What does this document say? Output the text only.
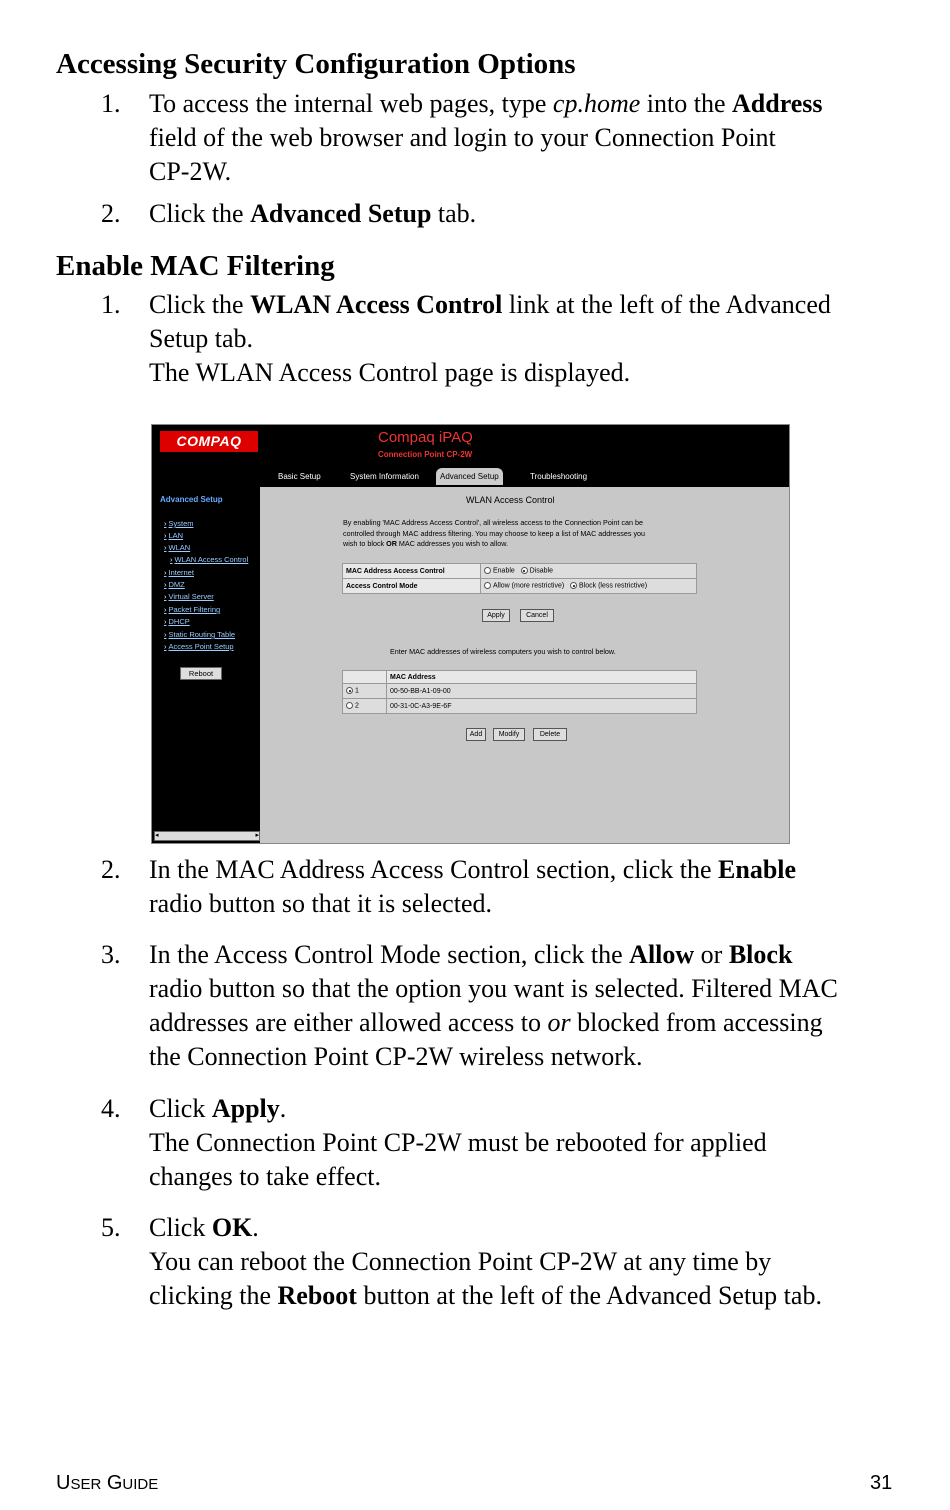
Accessing Security Configuration Options
1. To access the internal web pages, type cp.home into the Address

field of the web browser and login to your Connection Point

CP-2W.

2. Click the Advanced Setup tab.

Enable MAC Filtering
1. Click the WLAN Access Control link at the left of the Advanced

Setup tab.

The WLAN Access Control page is displayed.

COMPAQ	Compaq iPAQ
Connection Point CP-2W
Basic Setup	System Information	Advanced Setup	Troubleshooting
Advanced Setup
› System
› LAN
› WLAN
› WLAN Access Control
› Internet
› DMZ
› Virtual Server
› Packet Filtering
› DHCP
› Static Routing Table
› Access Point Setup
Reboot
◂	▸
WLAN Access Control
By enabling 'MAC Address Access Control', all wireless access to the Connection Point can be
controlled through MAC address filtering. You may choose to keep a list of MAC addresses you
wish to block OR MAC addresses you wish to allow.
MAC Address Access Control	Enable Disable
Access Control Mode	Allow (more restrictive) Block (less restrictive)
Apply	Cancel
Enter MAC addresses of wireless computers you wish to control below.
	MAC Address
1	00-50-BB-A1-09-00
2	00-31-0C-A3-9E-6F
Add	Modify	Delete
2. In the MAC Address Access Control section, click the Enable

radio button so that it is selected.

3. In the Access Control Mode section, click the Allow or Block

radio button so that the option you want is selected. Filtered MAC

addresses are either allowed access to or blocked from accessing

the Connection Point CP-2W wireless network.

4. Click Apply.

The Connection Point CP-2W must be rebooted for applied

changes to take effect.

5. Click OK.

You can reboot the Connection Point CP-2W at any time by

clicking the Reboot button at the left of the Advanced Setup tab.

USER GUIDE	31
